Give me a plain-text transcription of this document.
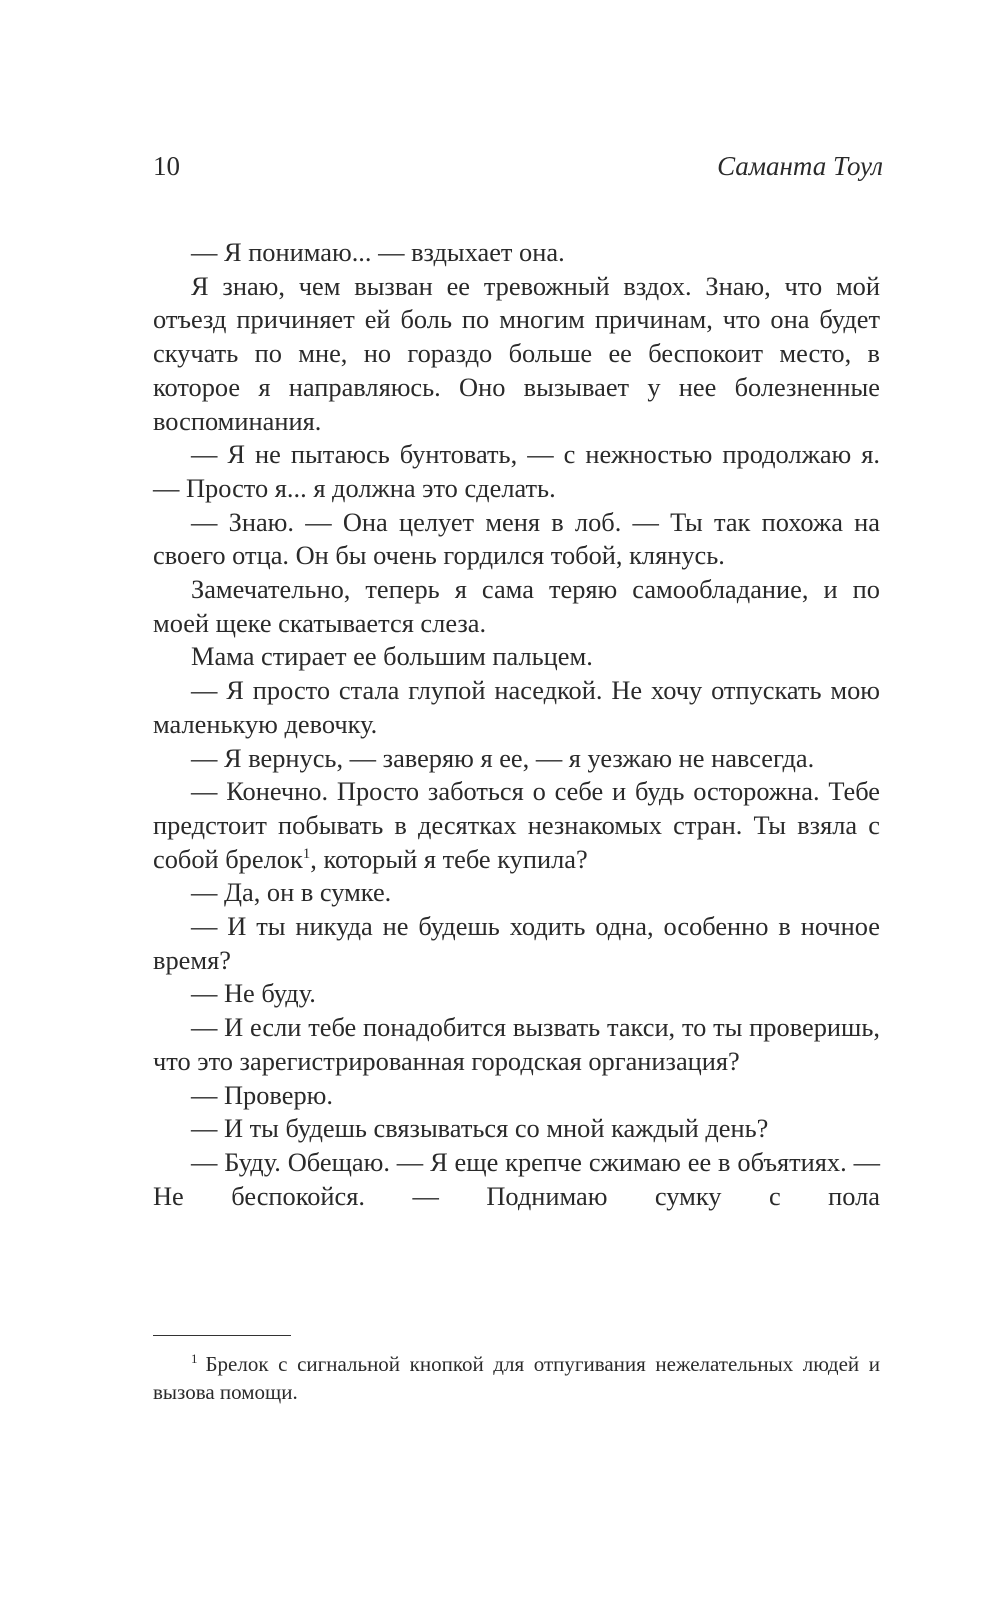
10	Саманта Тоул

— Я понимаю... — вздыхает она.

Я знаю, чем вызван ее тревожный вздох. Знаю, что мой отъезд причиняет ей боль по многим причинам, что она будет скучать по мне, но гораздо больше ее беспокоит место, в которое я направляюсь. Оно вызывает у нее болезненные воспоминания.

— Я не пытаюсь бунтовать, — с нежностью продолжаю я. — Просто я... я должна это сделать.

— Знаю. — Она целует меня в лоб. — Ты так похожа на своего отца. Он бы очень гордился тобой, клянусь.

Замечательно, теперь я сама теряю самообладание, и по моей щеке скатывается слеза.

Мама стирает ее большим пальцем.

— Я просто стала глупой наседкой. Не хочу отпускать мою маленькую девочку.

— Я вернусь, — заверяю я ее, — я уезжаю не навсегда.

— Конечно. Просто заботься о себе и будь осторожна. Тебе предстоит побывать в десятках незнакомых стран. Ты взяла с собой брелок$^1$, который я тебе купила?

— Да, он в сумке.

— И ты никуда не будешь ходить одна, особенно в ночное время?

— Не буду.

— И если тебе понадобится вызвать такси, то ты проверишь, что это зарегистрированная городская организация?

— Проверю.

— И ты будешь связываться со мной каждый день?

— Буду. Обещаю. — Я еще крепче сжимаю ее в объятиях. — Не беспокойся. — Поднимаю сумку с пола

$^1$ Брелок с сигнальной кнопкой для отпугивания нежелательных людей и вызова помощи.
